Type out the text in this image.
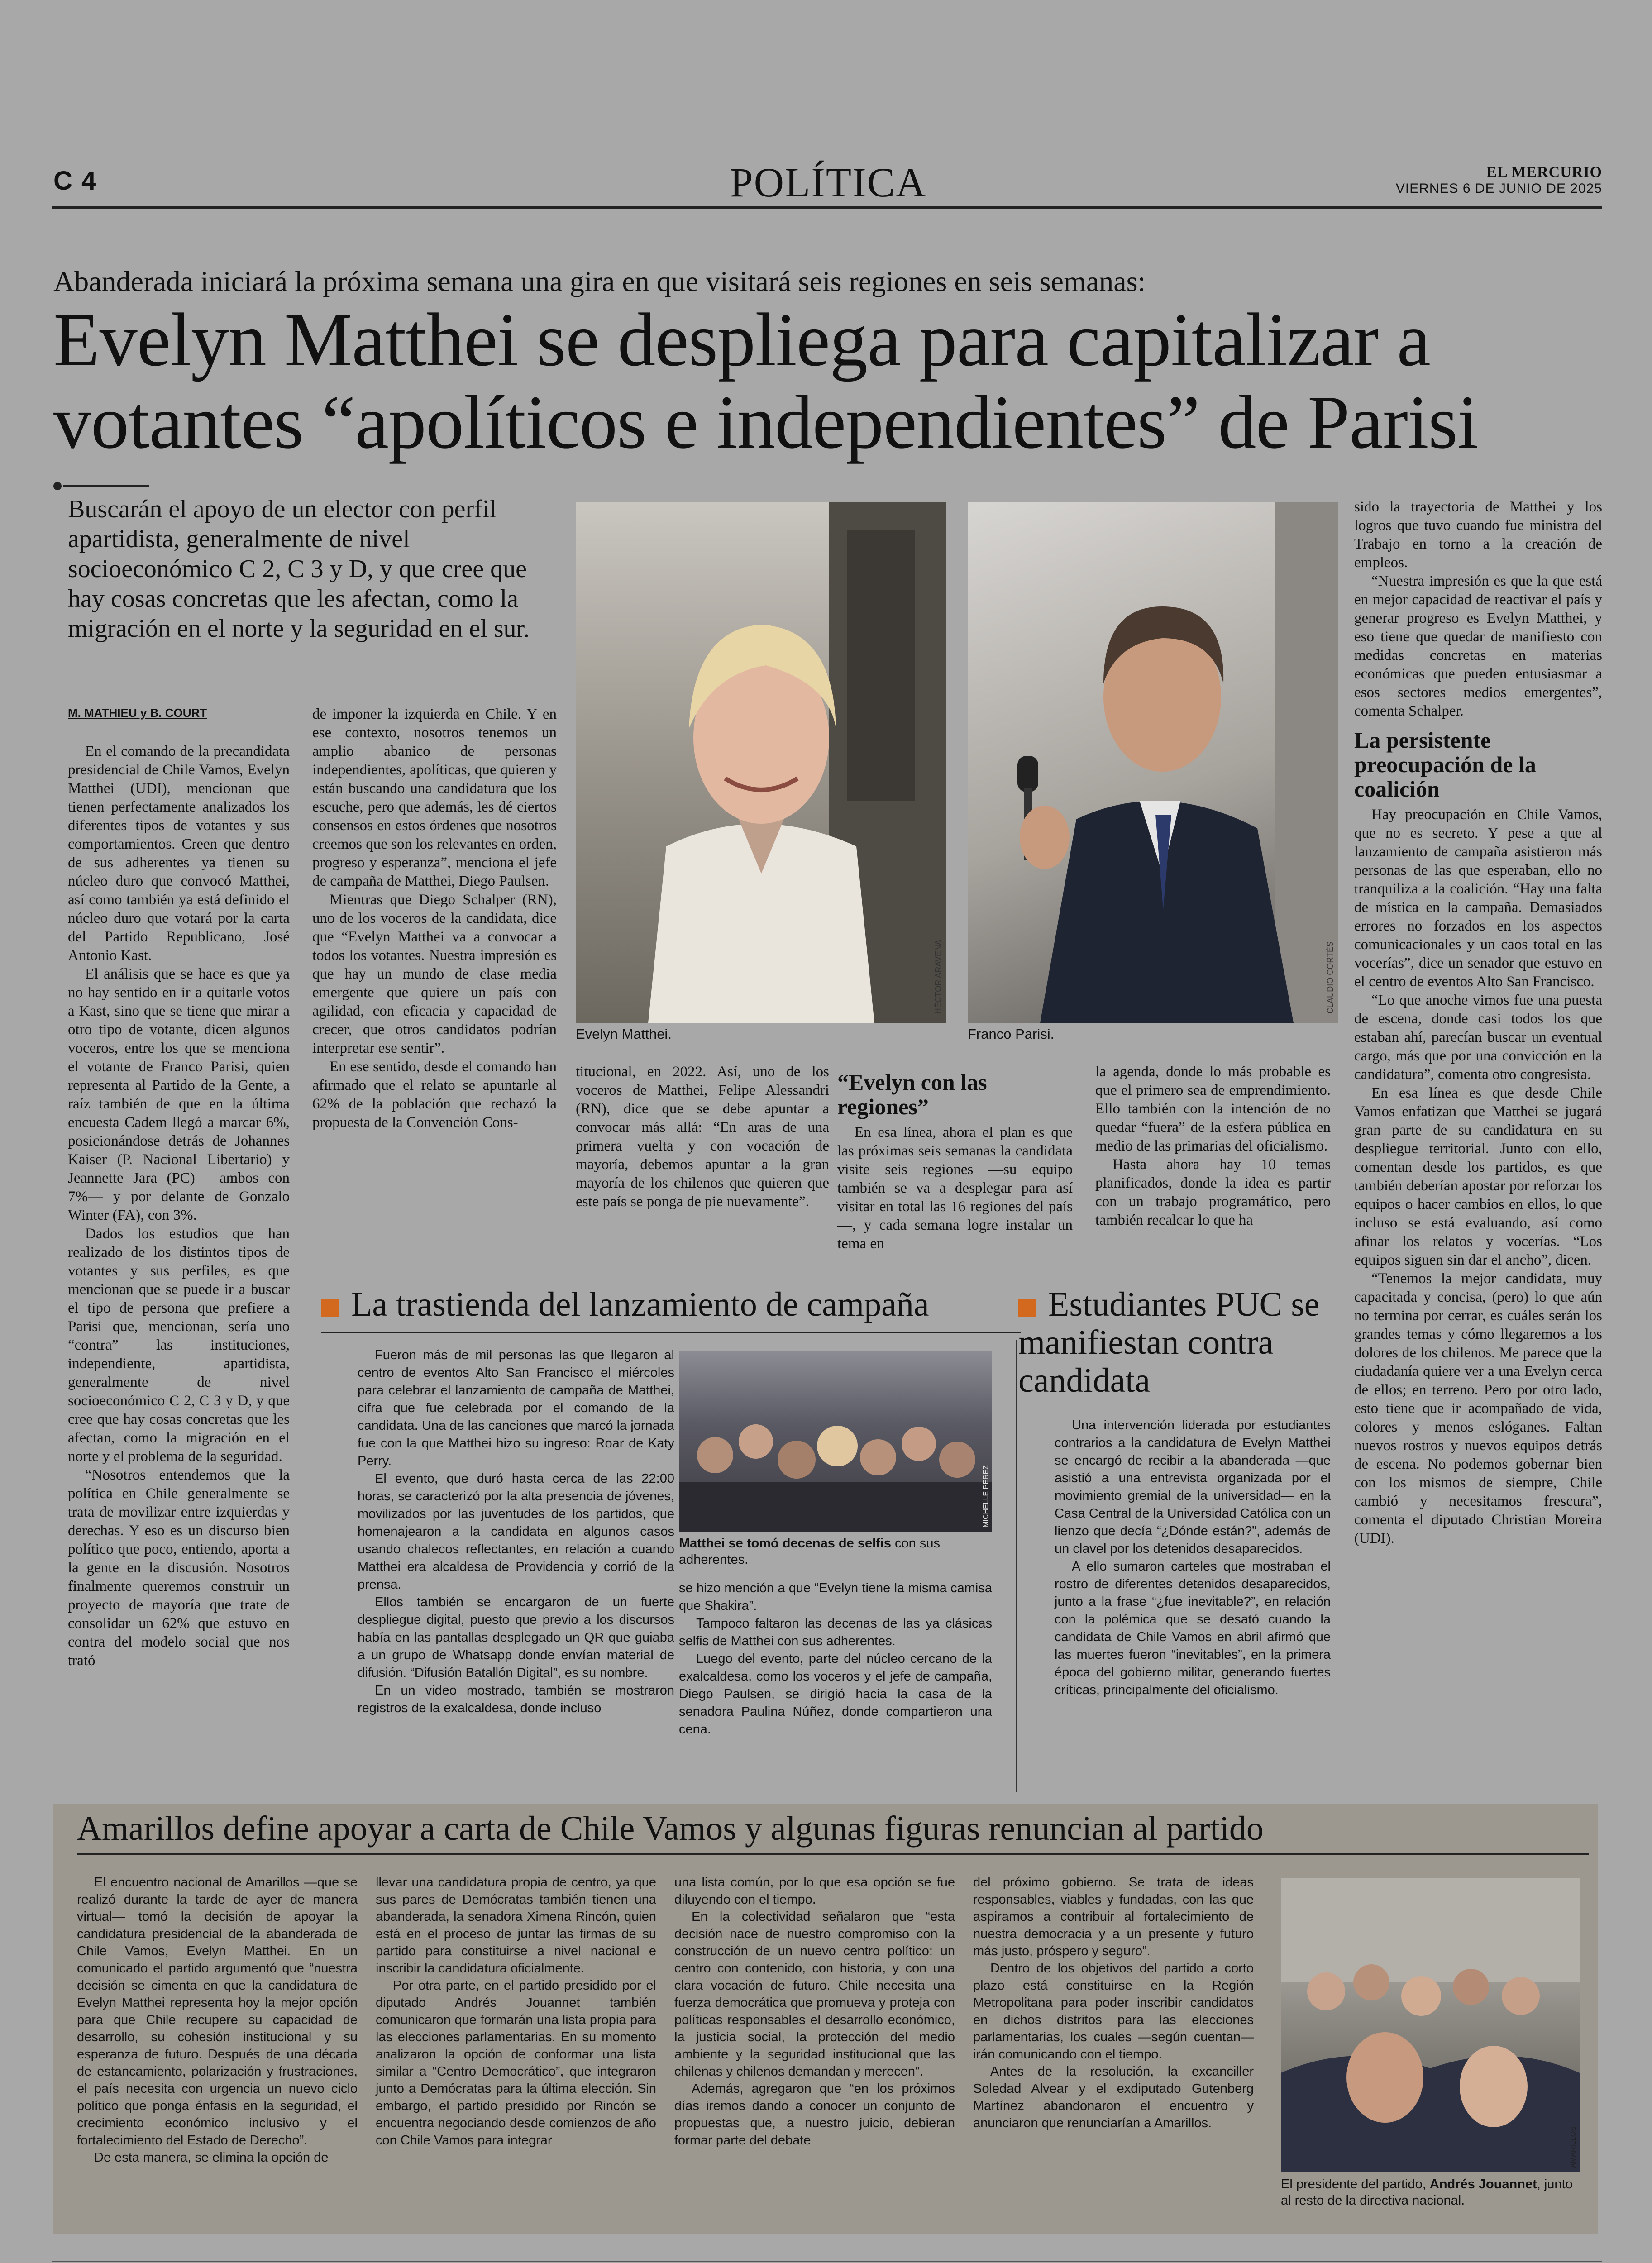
C 4	POLÍTICA	EL MERCURIO
VIERNES 6 DE JUNIO DE 2025
Abanderada iniciará la próxima semana una gira en que visitará seis regiones en seis semanas:
Evelyn Matthei se despliega para capitalizar a votantes “apolíticos e independientes” de Parisi
Buscarán el apoyo de un elector con perfil apartidista, generalmente de nivel socioeconómico C 2, C 3 y D, y que cree que hay cosas concretas que les afectan, como la migración en el norte y la seguridad en el sur.
HÉCTOR ARAVENA
Evelyn Matthei.
CLAUDIO CORTÉS
Franco Parisi.
M. MATHIEU y B. COURT

En el comando de la precandidata presidencial de Chile Vamos, Evelyn Matthei (UDI), mencionan que tienen perfectamente analizados los diferentes tipos de votantes y sus comportamientos. Creen que dentro de sus adherentes ya tienen su núcleo duro que convocó Matthei, así como también ya está definido el núcleo duro que votará por la carta del Partido Republicano, José Antonio Kast.

El análisis que se hace es que ya no hay sentido en ir a quitarle votos a Kast, sino que se tiene que mirar a otro tipo de votante, dicen algunos voceros, entre los que se menciona el votante de Franco Parisi, quien representa al Partido de la Gente, a raíz también de que en la última encuesta Cadem llegó a marcar 6%, posicionándose detrás de Johannes Kaiser (P. Nacional Libertario) y Jeannette Jara (PC) —ambos con 7%— y por delante de Gonzalo Winter (FA), con 3%.

Dados los estudios que han realizado de los distintos tipos de votantes y sus perfiles, es que mencionan que se puede ir a buscar el tipo de persona que prefiere a Parisi que, mencionan, sería uno “contra” las instituciones, independiente, apartidista, generalmente de nivel socioeconómico C 2, C 3 y D, y que cree que hay cosas concretas que les afectan, como la migración en el norte y el problema de la seguridad.

“Nosotros entendemos que la política en Chile generalmente se trata de movilizar entre izquierdas y derechas. Y eso es un discurso bien político que poco, entiendo, aporta a la gente en la discusión. Nosotros finalmente queremos construir un proyecto de mayoría que trate de consolidar un 62% que estuvo en contra del modelo social que nos trató

de imponer la izquierda en Chile. Y en ese contexto, nosotros tenemos un amplio abanico de personas independientes, apolíticas, que quieren y están buscando una candidatura que los escuche, pero que además, les dé ciertos consensos en estos órdenes que nosotros creemos que son los relevantes en orden, progreso y esperanza”, menciona el jefe de campaña de Matthei, Diego Paulsen.

Mientras que Diego Schalper (RN), uno de los voceros de la candidata, dice que “Evelyn Matthei va a convocar a todos los votantes. Nuestra impresión es que hay un mundo de clase media emergente que quiere un país con agilidad, con eficacia y capacidad de crecer, que otros candidatos podrían interpretar ese sentir”.

En ese sentido, desde el comando han afirmado que el relato se apuntarle al 62% de la población que rechazó la propuesta de la Convención Cons-

titucional, en 2022. Así, uno de los voceros de Matthei, Felipe Alessandri (RN), dice que se debe apuntar a convocar más allá: “En aras de una primera vuelta y con vocación de mayoría, debemos apuntar a la gran mayoría de los chilenos que quieren que este país se ponga de pie nuevamente”.

“Evelyn con las regiones”

En esa línea, ahora el plan es que las próximas seis semanas la candidata visite seis regiones —su equipo también se va a desplegar para así visitar en total las 16 regiones del país—, y cada semana logre instalar un tema en

la agenda, donde lo más probable es que el primero sea de emprendimiento. Ello también con la intención de no quedar “fuera” de la esfera pública en medio de las primarias del oficialismo.

Hasta ahora hay 10 temas planificados, donde la idea es partir con un trabajo programático, pero también recalcar lo que ha

sido la trayectoria de Matthei y los logros que tuvo cuando fue ministra del Trabajo en torno a la creación de empleos.

“Nuestra impresión es que la que está en mejor capacidad de reactivar el país y generar progreso es Evelyn Matthei, y eso tiene que quedar de manifiesto con medidas concretas en materias económicas que pueden entusiasmar a esos sectores medios emergentes”, comenta Schalper.

La persistente preocupación de la coalición

Hay preocupación en Chile Vamos, que no es secreto. Y pese a que al lanzamiento de campaña asistieron más personas de las que esperaban, ello no tranquiliza a la coalición. “Hay una falta de mística en la campaña. Demasiados errores no forzados en los aspectos comunicacionales y un caos total en las vocerías”, dice un senador que estuvo en el centro de eventos Alto San Francisco.

“Lo que anoche vimos fue una puesta de escena, donde casi todos los que estaban ahí, parecían buscar un eventual cargo, más que por una convicción en la candidatura”, comenta otro congresista.

En esa línea es que desde Chile Vamos enfatizan que Matthei se jugará gran parte de su candidatura en su despliegue territorial. Junto con ello, comentan desde los partidos, es que también deberían apostar por reforzar los equipos o hacer cambios en ellos, lo que incluso se está evaluando, así como afinar los relatos y vocerías. “Los equipos siguen sin dar el ancho”, dicen.

“Tenemos la mejor candidata, muy capacitada y concisa, (pero) lo que aún no termina por cerrar, es cuáles serán los grandes temas y cómo llegaremos a los dolores de los chilenos. Me parece que la ciudadanía quiere ver a una Evelyn cerca de ellos; en terreno. Pero por otro lado, esto tiene que ir acompañado de vida, colores y menos eslóganes. Faltan nuevos rostros y nuevos equipos detrás de escena. No podemos gobernar bien con los mismos de siempre, Chile cambió y necesitamos frescura”, comenta el diputado Christian Moreira (UDI).

La trastienda del lanzamiento de campaña

Fueron más de mil personas las que llegaron al centro de eventos Alto San Francisco el miércoles para celebrar el lanzamiento de campaña de Matthei, cifra que fue celebrada por el comando de la candidata. Una de las canciones que marcó la jornada fue con la que Matthei hizo su ingreso: Roar de Katy Perry.

El evento, que duró hasta cerca de las 22:00 horas, se caracterizó por la alta presencia de jóvenes, movilizados por las juventudes de los partidos, que homenajearon a la candidata en algunos casos usando chalecos reflectantes, en relación a cuando Matthei era alcaldesa de Providencia y corrió de la prensa.

Ellos también se encargaron de un fuerte despliegue digital, puesto que previo a los discursos había en las pantallas desplegado un QR que guiaba a un grupo de Whatsapp donde envían material de difusión. “Difusión Batallón Digital”, es su nombre.

En un video mostrado, también se mostraron registros de la exalcaldesa, donde incluso

MICHELLE PEREZ
Matthei se tomó decenas de selfis con sus adherentes.

se hizo mención a que “Evelyn tiene la misma camisa que Shakira”.

Tampoco faltaron las decenas de las ya clásicas selfis de Matthei con sus adherentes.

Luego del evento, parte del núcleo cercano de la exalcaldesa, como los voceros y el jefe de campaña, Diego Paulsen, se dirigió hacia la casa de la senadora Paulina Núñez, donde compartieron una cena.

Estudiantes PUC se manifiestan contra candidata

Una intervención liderada por estudiantes contrarios a la candidatura de Evelyn Matthei se encargó de recibir a la abanderada —que asistió a una entrevista organizada por el movimiento gremial de la universidad— en la Casa Central de la Universidad Católica con un lienzo que decía “¿Dónde están?”, además de un clavel por los detenidos desaparecidos.

A ello sumaron carteles que mostraban el rostro de diferentes detenidos desaparecidos, junto a la frase “¿fue inevitable?”, en relación con la polémica que se desató cuando la candidata de Chile Vamos en abril afirmó que las muertes fueron “inevitables”, en la primera época del gobierno militar, generando fuertes críticas, principalmente del oficialismo.

Amarillos define apoyar a carta de Chile Vamos y algunas figuras renuncian al partido

El encuentro nacional de Amarillos —que se realizó durante la tarde de ayer de manera virtual— tomó la decisión de apoyar la candidatura presidencial de la abanderada de Chile Vamos, Evelyn Matthei. En un comunicado el partido argumentó que “nuestra decisión se cimenta en que la candidatura de Evelyn Matthei representa hoy la mejor opción para que Chile recupere su capacidad de desarrollo, su cohesión institucional y su esperanza de futuro. Después de una década de estancamiento, polarización y frustraciones, el país necesita con urgencia un nuevo ciclo político que ponga énfasis en la seguridad, el crecimiento económico inclusivo y el fortalecimiento del Estado de Derecho”.

De esta manera, se elimina la opción de

llevar una candidatura propia de centro, ya que sus pares de Demócratas también tienen una abanderada, la senadora Ximena Rincón, quien está en el proceso de juntar las firmas de su partido para constituirse a nivel nacional e inscribir la candidatura oficialmente.

Por otra parte, en el partido presidido por el diputado Andrés Jouannet también comunicaron que formarán una lista propia para las elecciones parlamentarias. En su momento analizaron la opción de conformar una lista similar a “Centro Democrático”, que integraron junto a Demócratas para la última elección. Sin embargo, el partido presidido por Rincón se encuentra negociando desde comienzos de año con Chile Vamos para integrar

una lista común, por lo que esa opción se fue diluyendo con el tiempo.

En la colectividad señalaron que “esta decisión nace de nuestro compromiso con la construcción de un nuevo centro político: un centro con contenido, con historia, y con una clara vocación de futuro. Chile necesita una fuerza democrática que promueva y proteja con políticas responsables el desarrollo económico, la justicia social, la protección del medio ambiente y la seguridad institucional que las chilenas y chilenos demandan y merecen”.

Además, agregaron que “en los próximos días iremos dando a conocer un conjunto de propuestas que, a nuestro juicio, debieran formar parte del debate

del próximo gobierno. Se trata de ideas responsables, viables y fundadas, con las que aspiramos a contribuir al fortalecimiento de nuestra democracia y a un presente y futuro más justo, próspero y seguro”.

Dentro de los objetivos del partido a corto plazo está constituirse en la Región Metropolitana para poder inscribir candidatos en dichos distritos para las elecciones parlamentarias, los cuales —según cuentan— irán comunicando con el tiempo.

Antes de la resolución, la excanciller Soledad Alvear y el exdiputado Gutenberg Martínez abandonaron el encuentro y anunciaron que renunciarían a Amarillos.

AMARILLOS
El presidente del partido, Andrés Jouannet, junto al resto de la directiva nacional.
